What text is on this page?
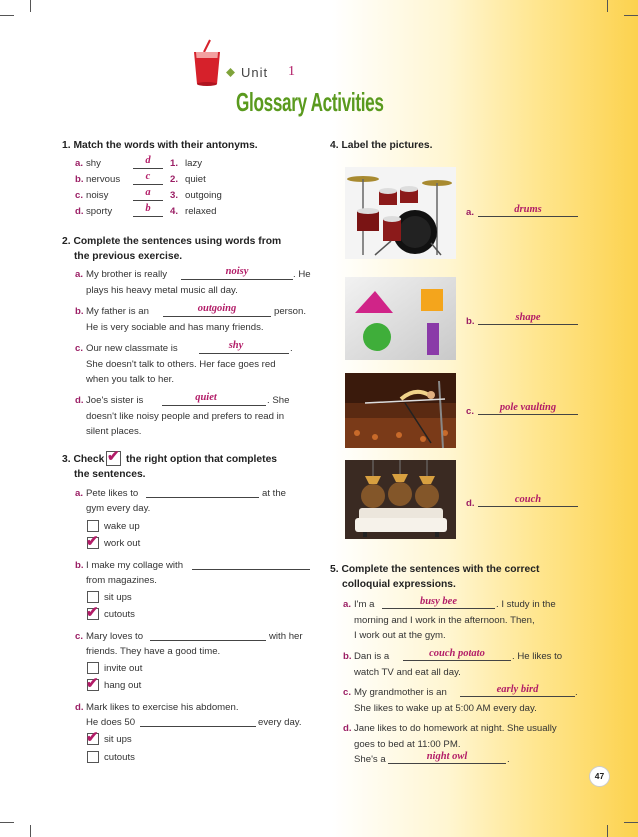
Unit 1
Glossary Activities
1. Match the words with their antonyms.
a. shy	d	1. lazy
b. nervous	c	2. quiet
c. noisy	a	3. outgoing
d. sporty	b	4. relaxed
2. Complete the sentences using words from
the previous exercise.
a. My brother is really	noisy	. He
plays his heavy metal music all day.
b. My father is an	outgoing	person.
He is very sociable and has many friends.
c. Our new classmate is	shy	.
She doesn't talk to others. Her face goes red
when you talk to her.
d. Joe's sister is	quiet	. She
doesn't like noisy people and prefers to read in
silent places.
3. Check ✔ the right option that completes
the sentences.
a. Pete likes to	at the
gym every day.
wake up
✔ work out
b. I make my collage with
from magazines.
sit ups
✔ cutouts
c. Mary loves to	with her
friends. They have a good time.
invite out
✔ hang out
d. Mark likes to exercise his abdomen.
He does 50	every day.
✔ sit ups
cutouts
4. Label the pictures.
a.	drums
b.	shape
c.	pole vaulting
d.	couch
5. Complete the sentences with the correct
colloquial expressions.
a. I'm a	busy bee	. I study in the
morning and I work in the afternoon. Then,
I work out at the gym.
b. Dan is a	couch potato	. He likes to
watch TV and eat all day.
c. My grandmother is an	early bird	.
She likes to wake up at 5:00 AM every day.
d. Jane likes to do homework at night. She usually
goes to bed at 11:00 PM.
She's a	night owl	.
47
